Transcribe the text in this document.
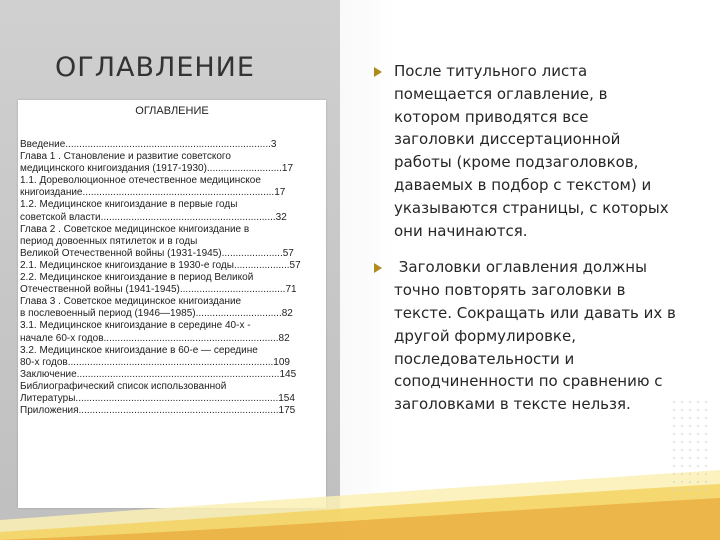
ОГЛАВЛЕНИЕ
ОГЛАВЛЕНИЕ
Введение..........................................................................3
Глава 1 . Становление и развитие советского
медицинского книгоиздания (1917-1930)...........................17
1.1. Дореволюционное отечественное медицинское
книгоиздание.....................................................................17
1.2. Медицинское книгоиздание в первые годы
советской власти...............................................................32
Глава 2 . Советское медицинское книгоиздание в
период довоенных пятилеток и в годы
Великой Отечественной войны (1931-1945)......................57
2.1. Медицинское книгоиздание в 1930-е годы....................57
2.2. Медицинское книгоиздание в период Великой
Отечественной войны (1941-1945)......................................71
Глава 3 . Советское медицинское книгоиздание
в послевоенный период (1946—1985)...............................82
3.1. Медицинское книгоиздание в середине 40-х -
начале 60-х годов...............................................................82
3.2. Медицинское книгоиздание в 60-е — середине
80-х годов..........................................................................109
Заключение.........................................................................145
Библиографический список использованной
Литературы.........................................................................154
Приложения........................................................................175
После титульного листа
помещается оглавление, в
котором приводятся все
заголовки диссертационной
работы (кроме подзаголовков,
даваемых в подбор с текстом) и
указываются страницы, с которых
они начинаются.
Заголовки оглавления должны
точно повторять заголовки в
тексте. Сокращать или давать их в
другой формулировке,
последовательности и
соподчиненности по сравнению с
заголовками в тексте нельзя.
